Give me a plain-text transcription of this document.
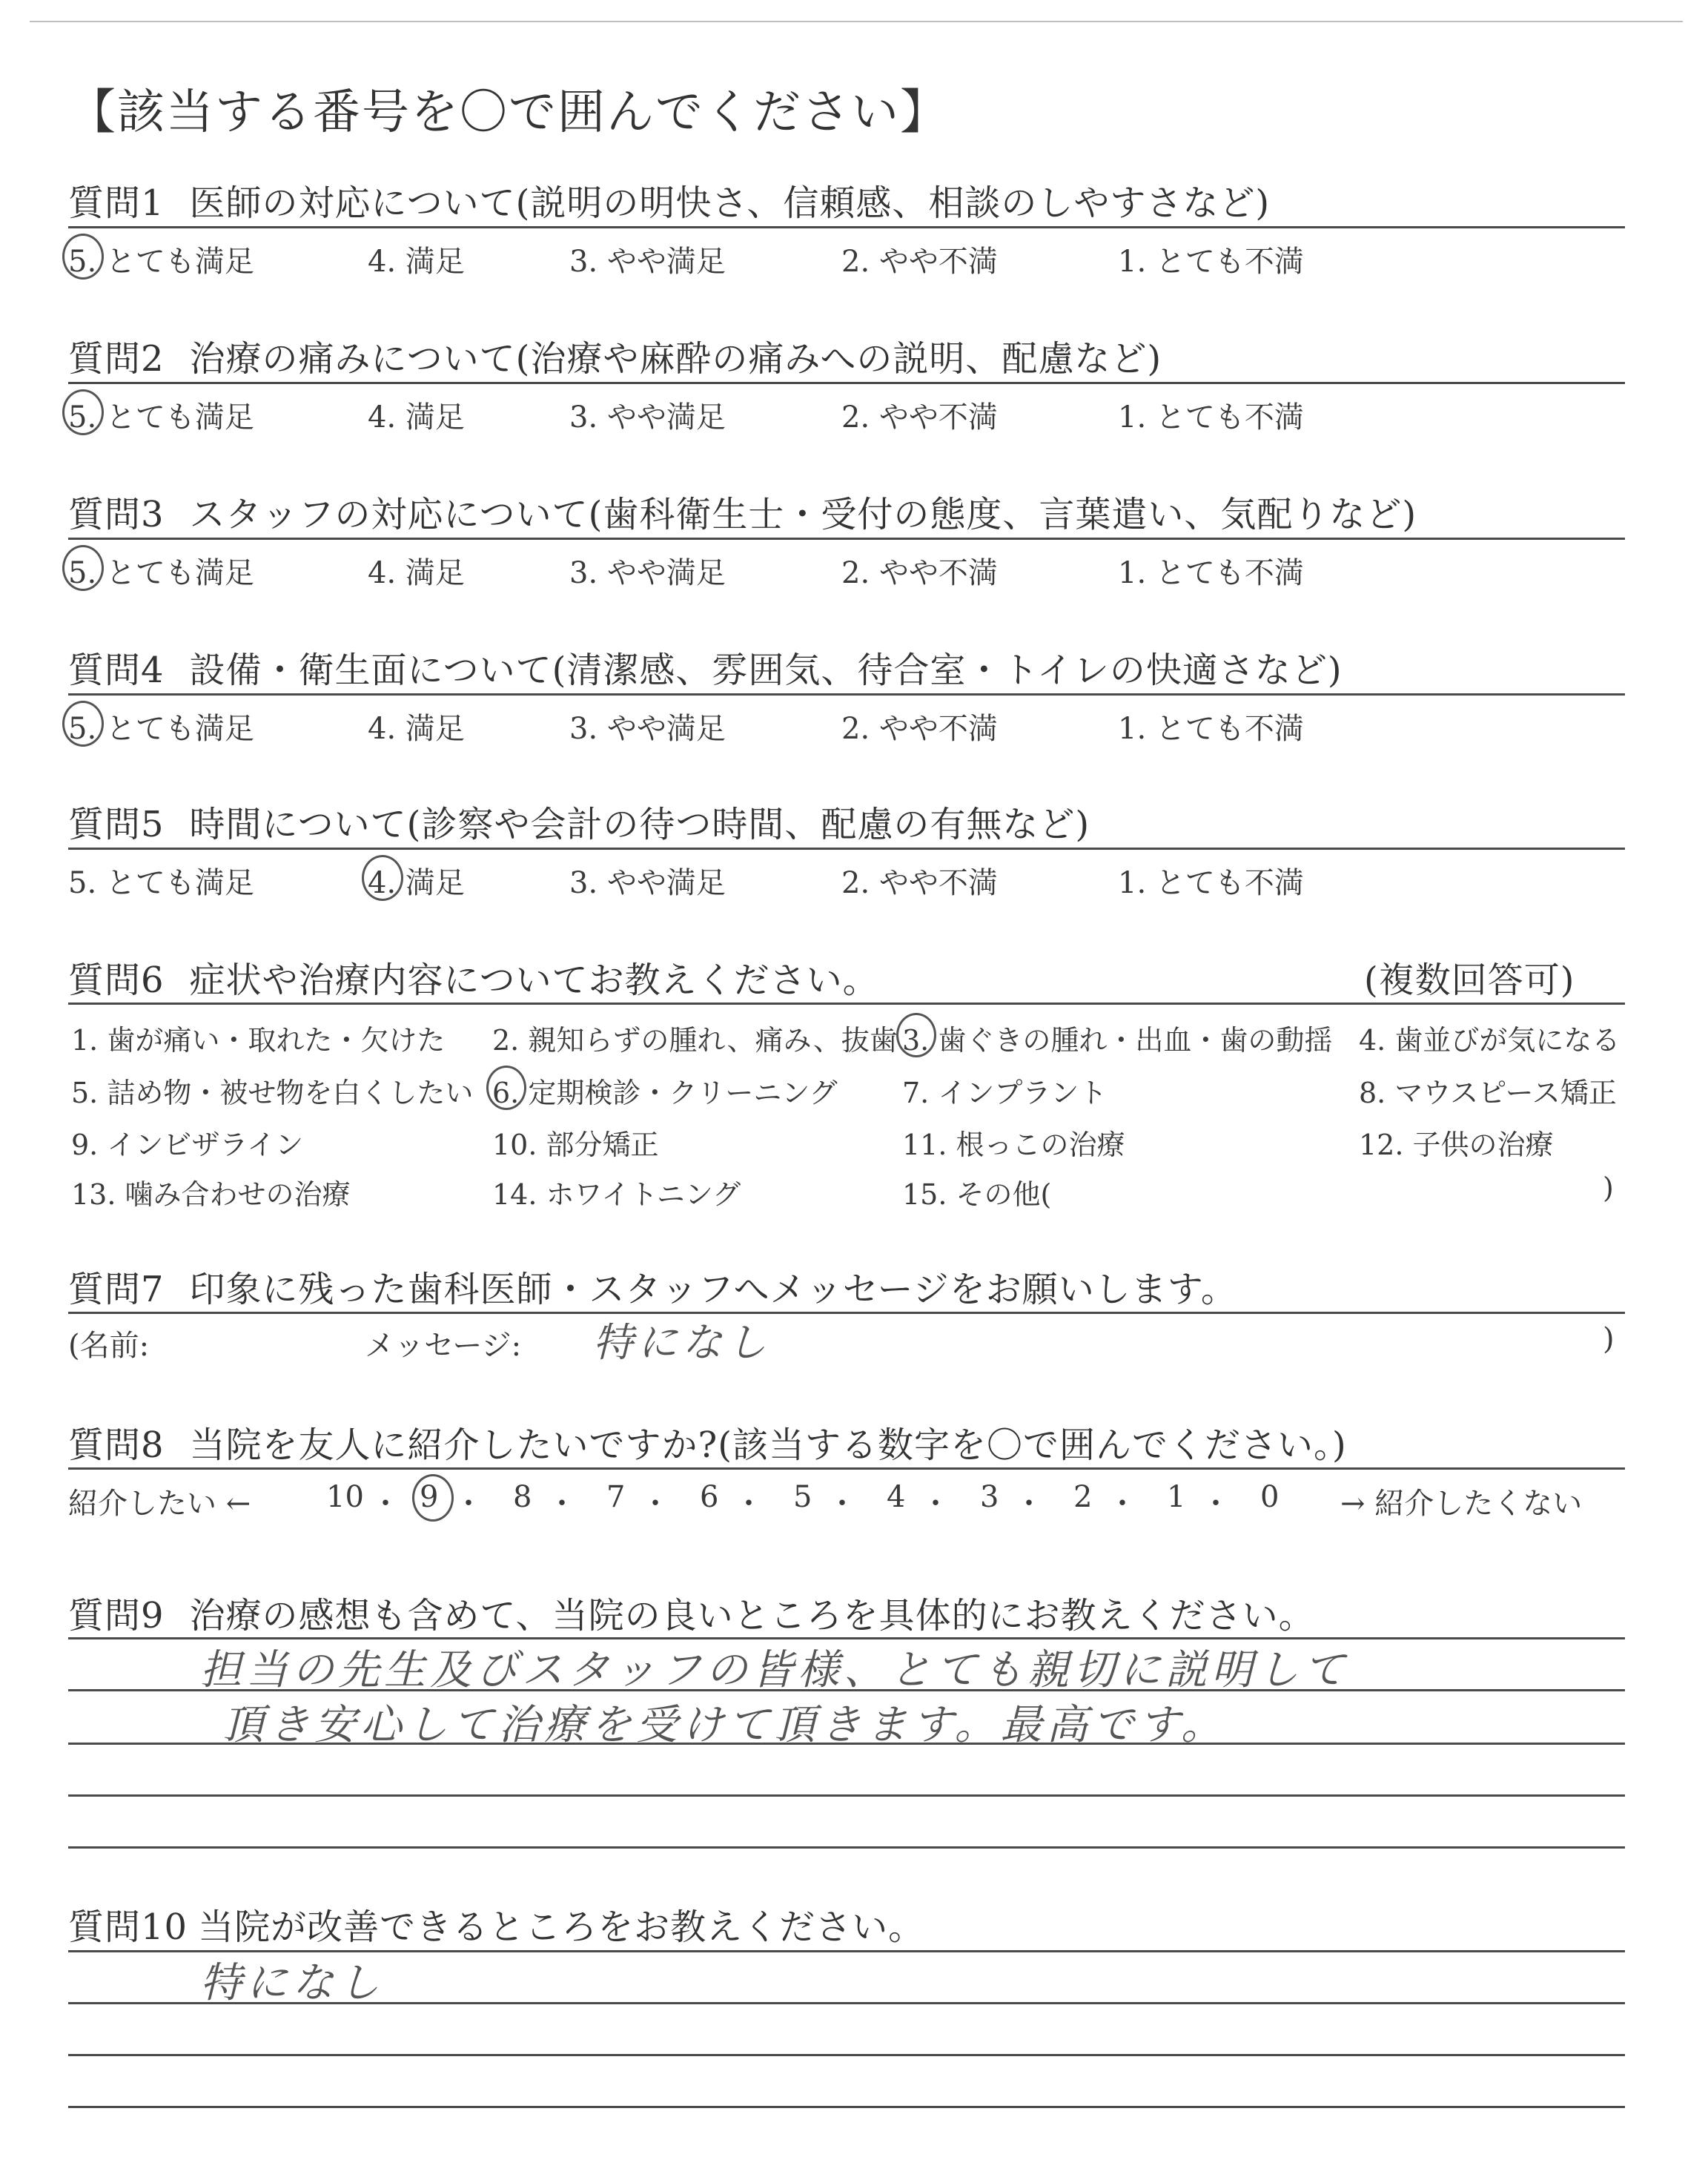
【該当する番号を〇で囲んでください】
質問1 医師の対応について(説明の明快さ、信頼感、相談のしやすさなど)
5. とても満足	4. 満足	3. やや満足	2. やや不満	1. とても不満
質問2 治療の痛みについて(治療や麻酔の痛みへの説明、配慮など)
5. とても満足	4. 満足	3. やや満足	2. やや不満	1. とても不満
質問3 スタッフの対応について(歯科衛生士・受付の態度、言葉遣い、気配りなど)
5. とても満足	4. 満足	3. やや満足	2. やや不満	1. とても不満
質問4 設備・衛生面について(清潔感、雰囲気、待合室・トイレの快適さなど)
5. とても満足	4. 満足	3. やや満足	2. やや不満	1. とても不満
質問5 時間について(診察や会計の待つ時間、配慮の有無など)
5. とても満足	4. 満足	3. やや満足	2. やや不満	1. とても不満
質問6 症状や治療内容についてお教えください。	(複数回答可)
1. 歯が痛い・取れた・欠けた 2. 親知らずの腫れ、痛み、抜歯 3. 歯ぐきの腫れ・出血・歯の動揺 4. 歯並びが気になる
5. 詰め物・被せ物を白くしたい 6. 定期検診・クリーニング 7. インプラント	8. マウスピース矯正
9. インビザライン	10. 部分矯正	11. 根っこの治療	12. 子供の治療
13. 噛み合わせの治療	14. ホワイトニング	15. その他(	)
質問7 印象に残った歯科医師・スタッフへメッセージをお願いします。
(名前:	メッセージ: 特になし	)
質問8 当院を友人に紹介したいですか?(該当する数字を〇で囲んでください。)
紹介したい ←	10 ・ 9 ・ 8 ・ 7 ・ 6 ・ 5 ・ 4 ・ 3 ・ 2 ・ 1 ・ 0 → 紹介したくない
質問9 治療の感想も含めて、当院の良いところを具体的にお教えください。
担当の先生及びスタッフの皆様、とても親切に説明して
頂き安心して治療を受けて頂きます。最高です。
質問10 当院が改善できるところをお教えください。
特になし
